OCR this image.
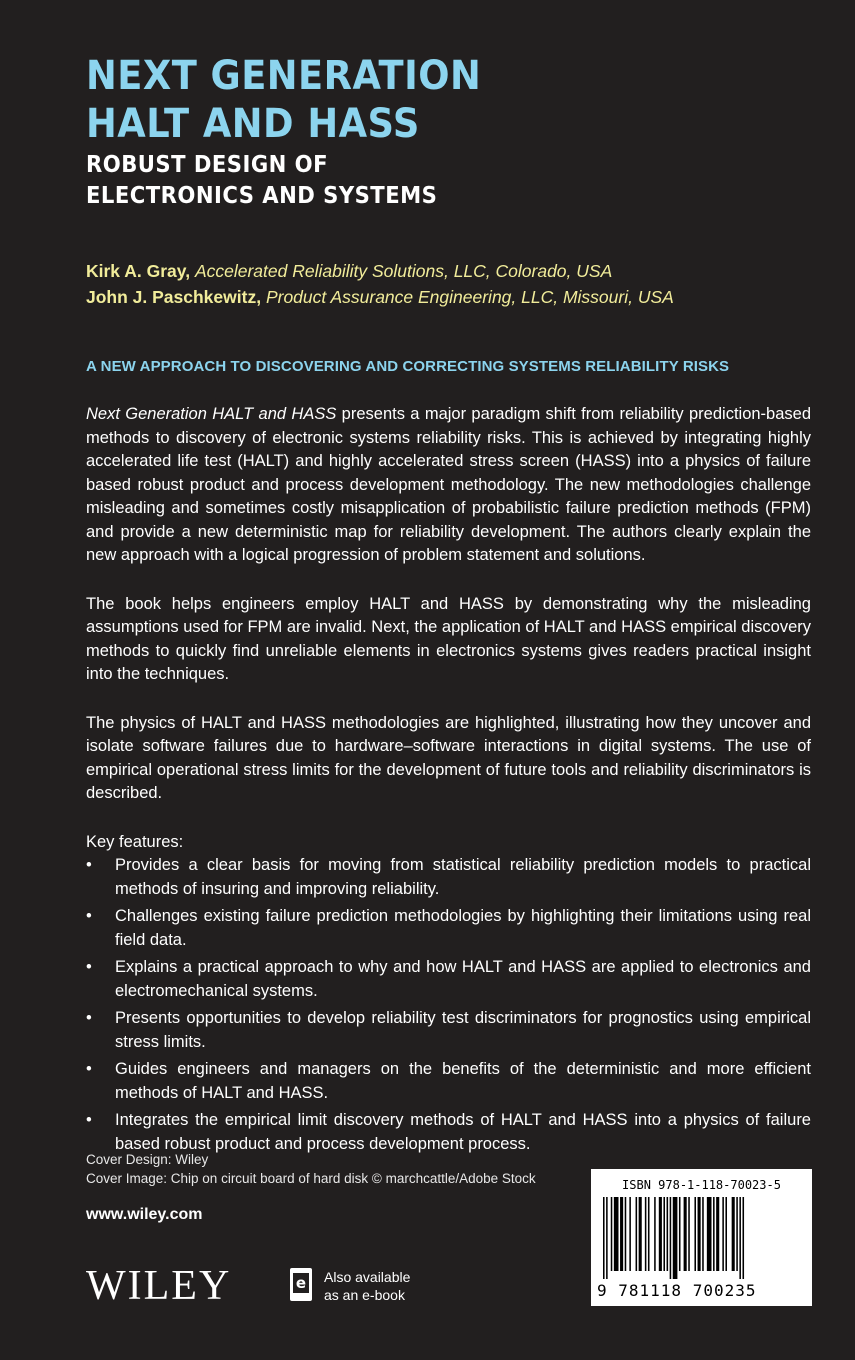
NEXT GENERATION
HALT AND HASS
ROBUST DESIGN OF
ELECTRONICS AND SYSTEMS
Kirk A. Gray, Accelerated Reliability Solutions, LLC, Colorado, USA
John J. Paschkewitz, Product Assurance Engineering, LLC, Missouri, USA
A NEW APPROACH TO DISCOVERING AND CORRECTING SYSTEMS RELIABILITY RISKS

Next Generation HALT and HASS presents a major paradigm shift from reliability prediction-based methods to discovery of electronic systems reliability risks. This is achieved by integrating highly accelerated life test (HALT) and highly accelerated stress screen (HASS) into a physics of failure based robust product and process development methodology. The new methodologies challenge misleading and sometimes costly misapplication of probabilistic failure prediction methods (FPM) and provide a new deterministic map for reliability development. The authors clearly explain the new approach with a logical progression of problem statement and solutions.

The book helps engineers employ HALT and HASS by demonstrating why the misleading assumptions used for FPM are invalid. Next, the application of HALT and HASS empirical discovery methods to quickly find unreliable elements in electronics systems gives readers practical insight into the techniques.

The physics of HALT and HASS methodologies are highlighted, illustrating how they uncover and isolate software failures due to hardware–software interactions in digital systems. The use of empirical operational stress limits for the development of future tools and reliability discriminators is described.

Key features:

• Provides a clear basis for moving from statistical reliability prediction models to practical methods of insuring and improving reliability.
• Challenges existing failure prediction methodologies by highlighting their limitations using real field data.
• Explains a practical approach to why and how HALT and HASS are applied to electronics and electromechanical systems.
• Presents opportunities to develop reliability test discriminators for prognostics using empirical stress limits.
• Guides engineers and managers on the benefits of the deterministic and more efficient methods of HALT and HASS.
• Integrates the empirical limit discovery methods of HALT and HASS into a physics of failure based robust product and process development process.
Cover Design: Wiley
Cover Image: Chip on circuit board of hard disk © marchcattle/Adobe Stock
www.wiley.com
WILEY	e Also available
as an e-book
ISBN 978-1-118-70023-5
9 781118 700235
